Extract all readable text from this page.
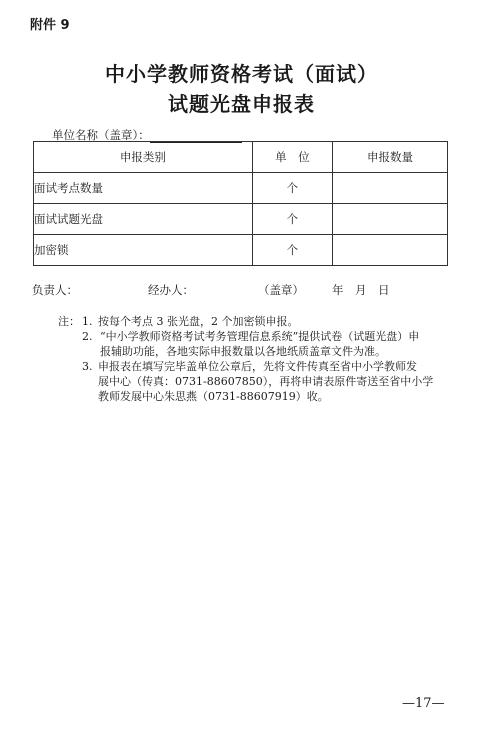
附件 9
中小学教师资格考试（面试）
试题光盘申报表
单位名称（盖章）：
申报类别	单　位	申报数量
面试考点数量	个	
面试试题光盘	个	
加密锁	个	
负责人：	经办人：	（盖章） 年　月　日
注： 1. 按每个考点 3 张光盘，2 个加密锁申报。
2. “中小学教师资格考试考务管理信息系统”提供试卷（试题光盘）申
报辅助功能，各地实际申报数量以各地纸质盖章文件为准。
3. 申报表在填写完毕盖单位公章后，先将文件传真至省中小学教师发
展中心（传真：0731-88607850），再将申请表原件寄送至省中小学
教师发展中心朱思燕（0731-88607919）收。
—17—
